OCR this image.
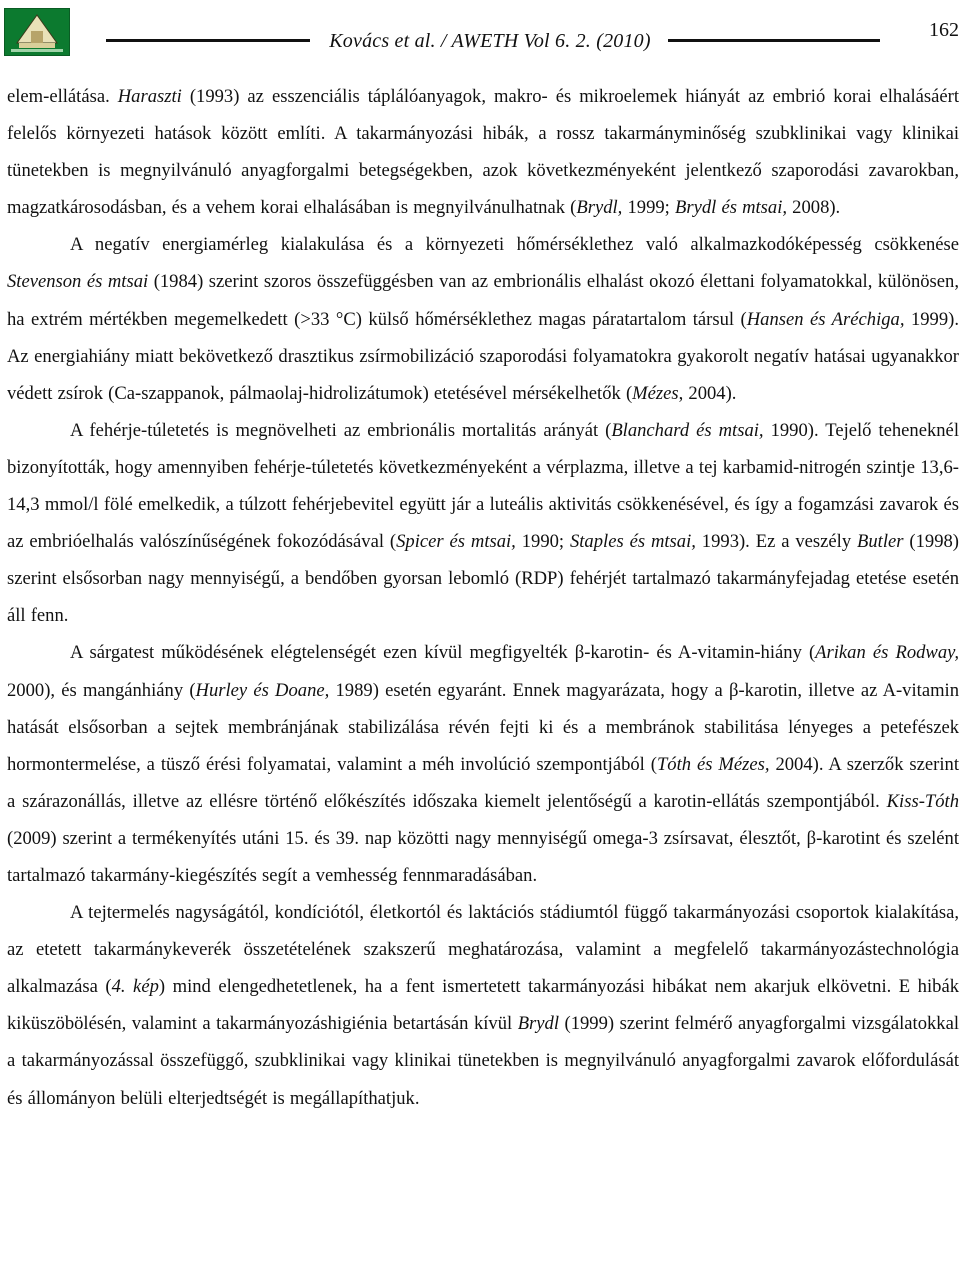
Kovács et al. / AWETH Vol 6. 2. (2010)	162

elem-ellátása. Haraszti (1993) az esszenciális táplálóanyagok, makro- és mikroelemek hiányát az embrió korai elhalásáért felelős környezeti hatások között említi. A takarmányozási hibák, a rossz takarmányminőség szubklinikai vagy klinikai tünetekben is megnyilvánuló anyagforgalmi betegségekben, azok következményeként jelentkező szaporodási zavarokban, magzatkárosodásban, és a vehem korai elhalásában is megnyilvánulhatnak (Brydl, 1999; Brydl és mtsai, 2008).

A negatív energiamérleg kialakulása és a környezeti hőmérséklethez való alkalmazkodóképesség csökkenése Stevenson és mtsai (1984) szerint szoros összefüggésben van az embrionális elhalást okozó élettani folyamatokkal, különösen, ha extrém mértékben megemelkedett (>33 °C) külső hőmérséklethez magas páratartalom társul (Hansen és Aréchiga, 1999). Az energiahiány miatt bekövetkező drasztikus zsírmobilizáció szaporodási folyamatokra gyakorolt negatív hatásai ugyanakkor védett zsírok (Ca-szappanok, pálmaolaj-hidrolizátumok) etetésével mérsékelhetők (Mézes, 2004).

A fehérje-túletetés is megnövelheti az embrionális mortalitás arányát (Blanchard és mtsai, 1990). Tejelő teheneknél bizonyították, hogy amennyiben fehérje-túletetés következményeként a vérplazma, illetve a tej karbamid-nitrogén szintje 13,6-14,3 mmol/l fölé emelkedik, a túlzott fehérjebevitel együtt jár a luteális aktivitás csökkenésével, és így a fogamzási zavarok és az embrióelhalás valószínűségének fokozódásával (Spicer és mtsai, 1990; Staples és mtsai, 1993). Ez a veszély Butler (1998) szerint elsősorban nagy mennyiségű, a bendőben gyorsan lebomló (RDP) fehérjét tartalmazó takarmányfejadag etetése esetén áll fenn.

A sárgatest működésének elégtelenségét ezen kívül megfigyelték β-karotin- és A-vitamin-hiány (Arikan és Rodway, 2000), és mangánhiány (Hurley és Doane, 1989) esetén egyaránt. Ennek magyarázata, hogy a β-karotin, illetve az A-vitamin hatását elsősorban a sejtek membránjának stabilizálása révén fejti ki és a membránok stabilitása lényeges a petefészek hormontermelése, a tüsző érési folyamatai, valamint a méh involúció szempontjából (Tóth és Mézes, 2004). A szerzők szerint a szárazonállás, illetve az ellésre történő előkészítés időszaka kiemelt jelentőségű a karotin-ellátás szempontjából. Kiss-Tóth (2009) szerint a termékenyítés utáni 15. és 39. nap közötti nagy mennyiségű omega-3 zsírsavat, élesztőt, β-karotint és szelént tartalmazó takarmány-kiegészítés segít a vemhesség fennmaradásában.

A tejtermelés nagyságától, kondíciótól, életkortól és laktációs stádiumtól függő takarmányozási csoportok kialakítása, az etetett takarmánykeverék összetételének szakszerű meghatározása, valamint a megfelelő takarmányozástechnológia alkalmazása (4. kép) mind elengedhetetlenek, ha a fent ismertetett takarmányozási hibákat nem akarjuk elkövetni. E hibák kiküszöbölésén, valamint a takarmányozáshigiénia betartásán kívül Brydl (1999) szerint felmérő anyagforgalmi vizsgálatokkal a takarmányozással összefüggő, szubklinikai vagy klinikai tünetekben is megnyilvánuló anyagforgalmi zavarok előfordulását és állományon belüli elterjedtségét is megállapíthatjuk.
